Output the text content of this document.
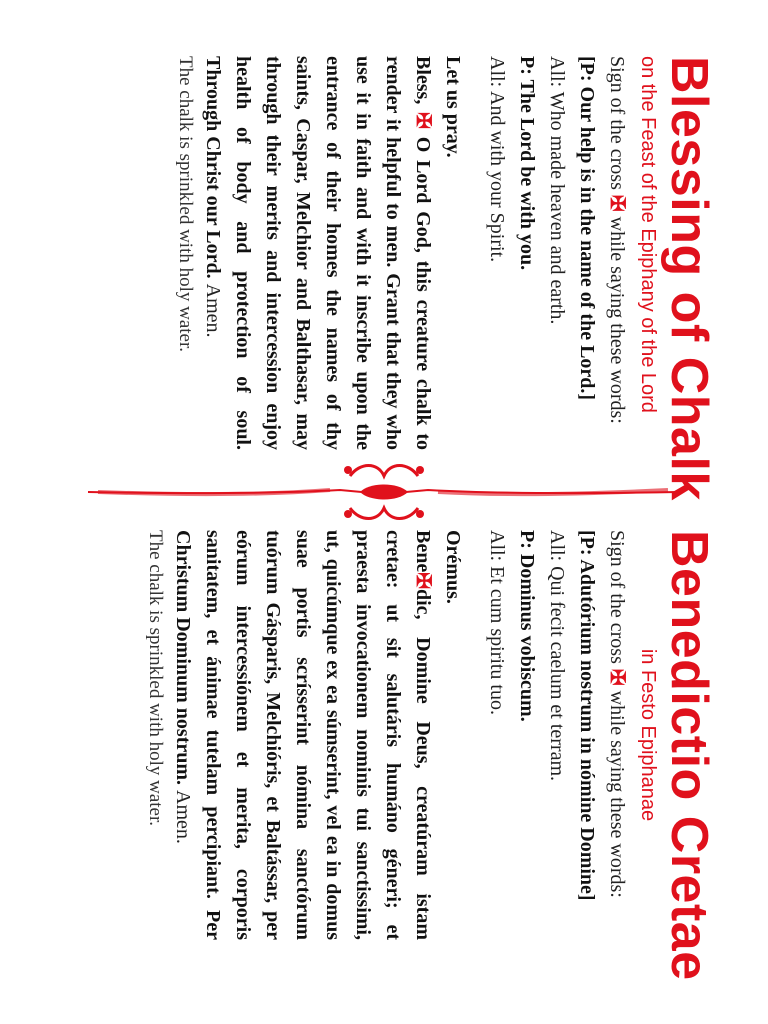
Blessing of Chalk

on the Feast of the Epiphany of the Lord

Sign of the cross ✠ while saying these words:

[P: Our help is in the name of the Lord.]

All: Who made heaven and earth.

P: The Lord be with you.

All: And with your Spirit.

Let us pray.

Bless, ✠ O Lord God, this creature chalk to render it helpful to men. Grant that they who use it in faith and with it inscribe upon the entrance of their homes the names of thy saints, Caspar, Melchior and Balthasar, may through their merits and intercession enjoy health of body and protection of soul. Through Christ our Lord. Amen.

The chalk is sprinkled with holy water.

Benedictio Cretae

in Festo Epiphanae

Sign of the cross ✠ while saying these words:

[P: Adutórium nostrum in nómine Domine]

All: Qui fecit caelum et terram.

P: Dominus vobiscum.

All: Et cum spiritu tuo.

Orémus.

Bene✠dic, Domine Deus, creatúram istam cretae: ut sit salutáris humáno géneri; et praesta invocationem nominis tui sanctissimi, ut, quicúmque ex ea súmserint, vel ea in domus suae portis scrísserint nómina sanctórum tuórum Gásparis, Melchióris, et Baltássar, per eórum intercessiónem et merita, corporis sanitatem, et ánimae tutelam percipiant. Per Christum Dominum nostrum. Amen.

The chalk is sprinkled with holy water.
